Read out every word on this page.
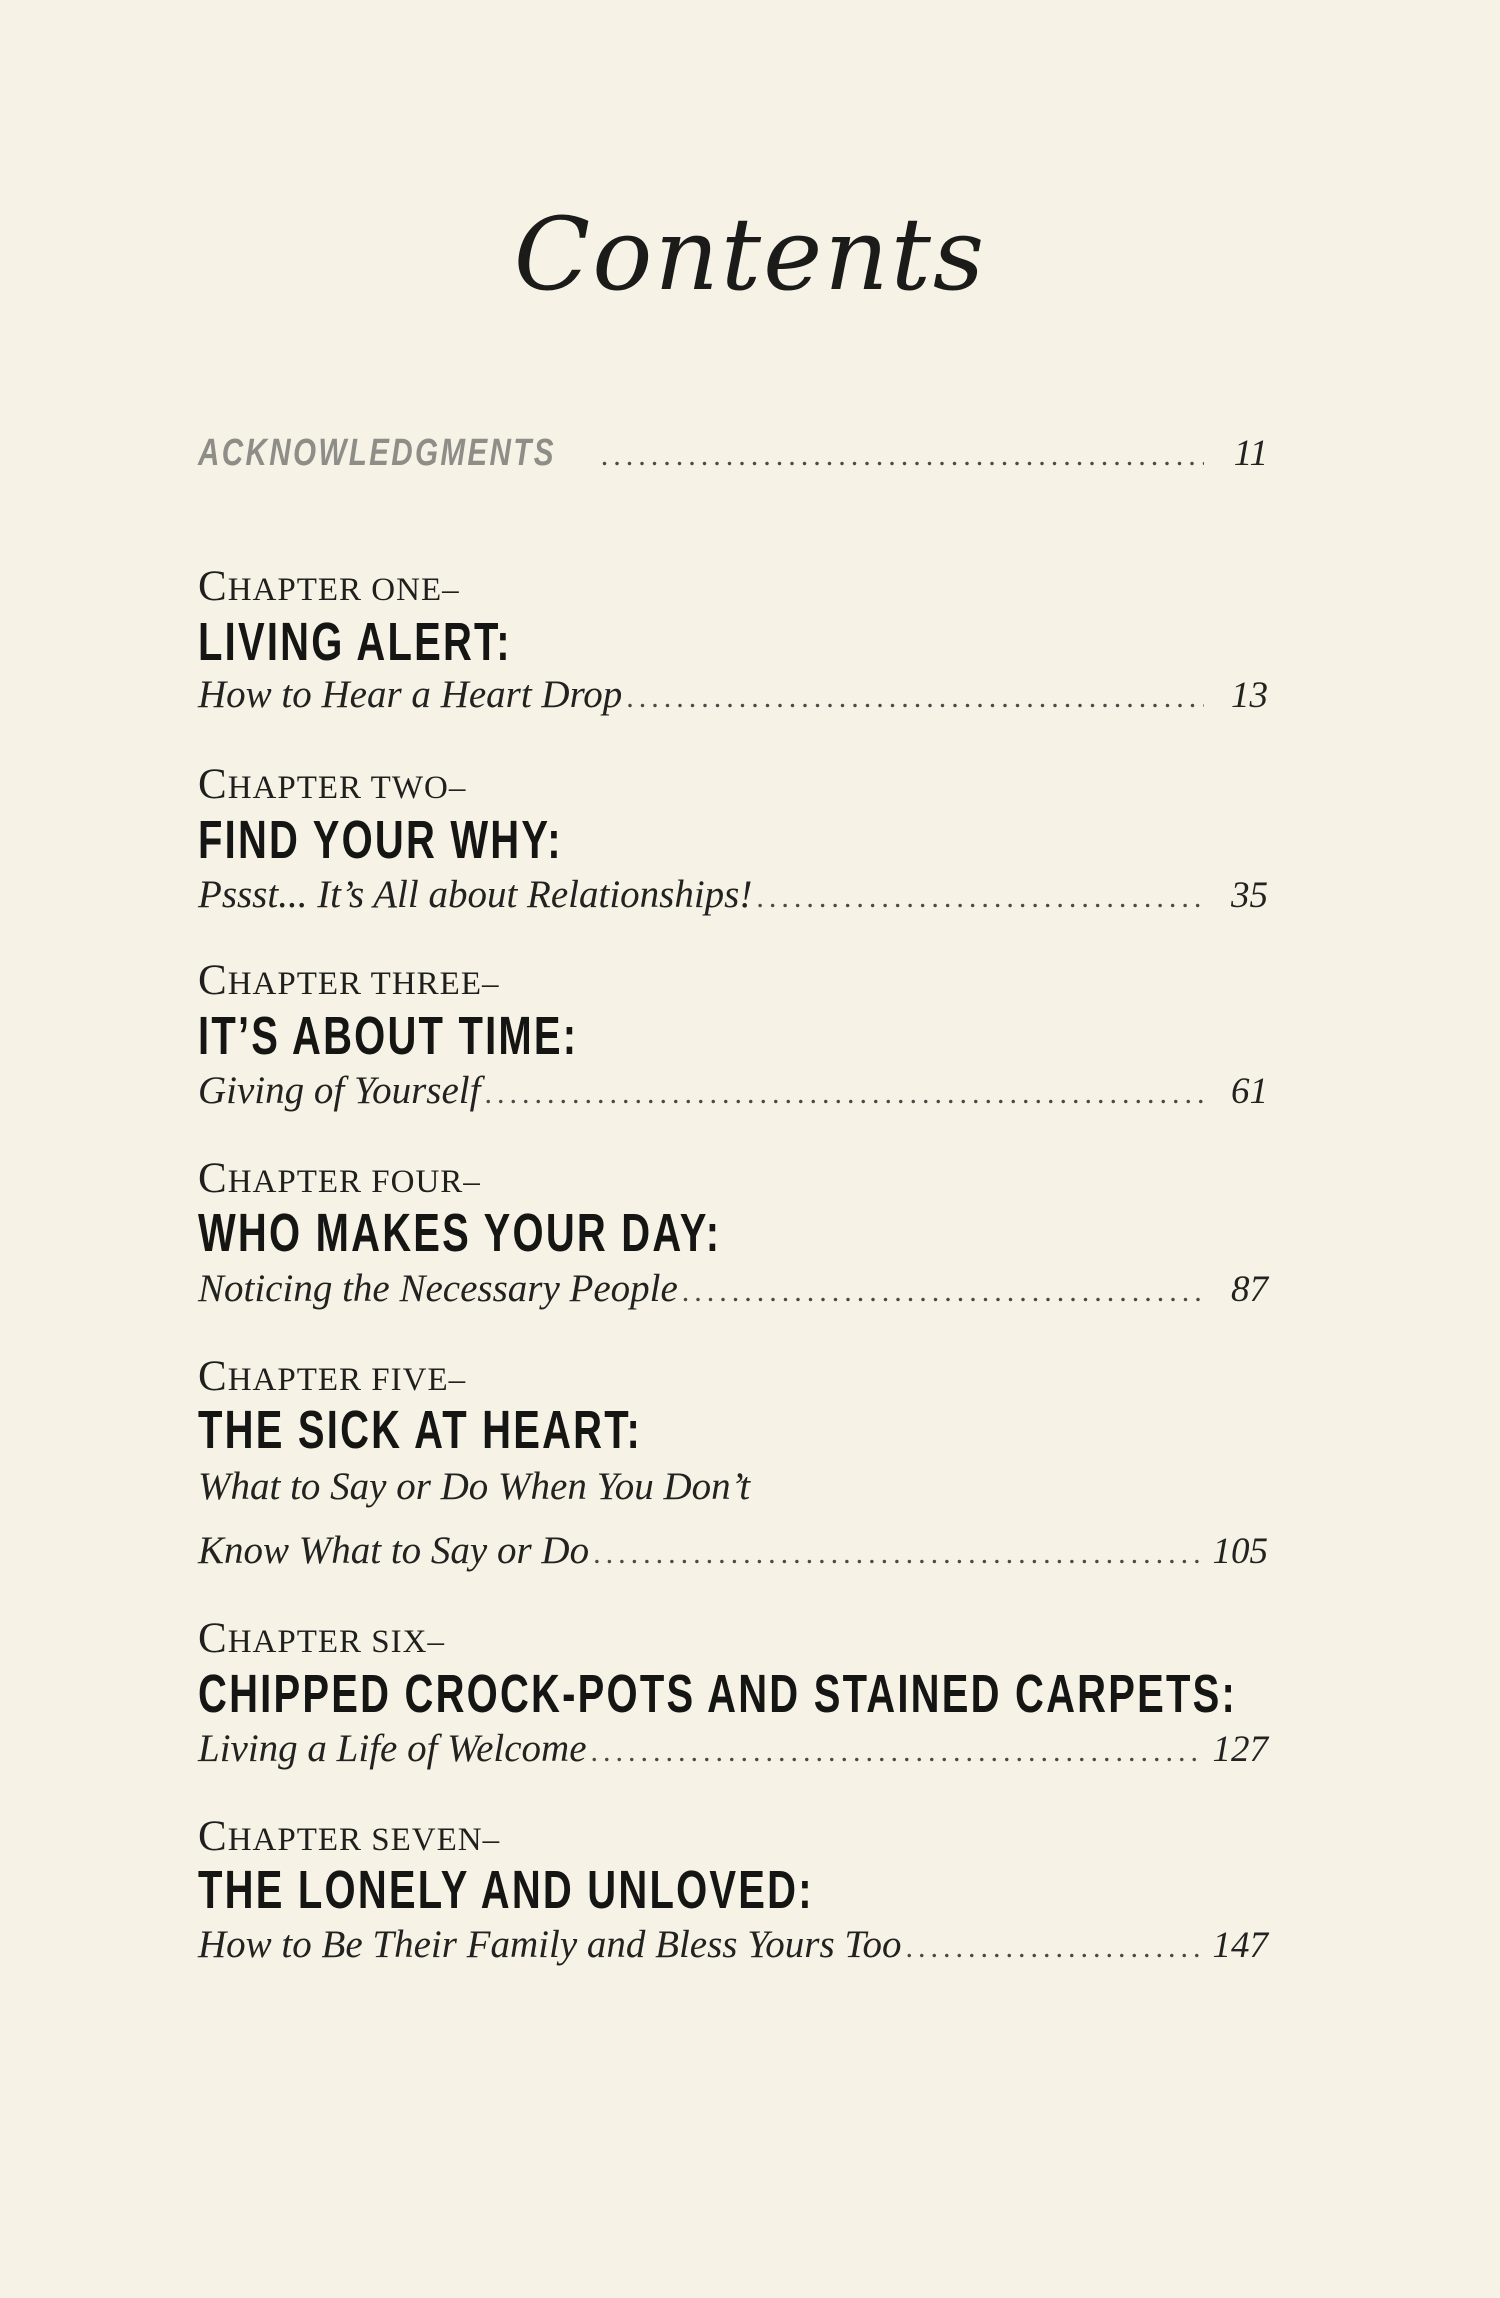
Contents
ACKNOWLEDGMENTS .....	11
CHAPTER ONE–
LIVING ALERT:
How to Hear a Heart Drop .....	13
CHAPTER TWO–
FIND YOUR WHY:
Pssst... It’s All about Relationships! .....	35
CHAPTER THREE–
IT’S ABOUT TIME:
Giving of Yourself .....	61
CHAPTER FOUR–
WHO MAKES YOUR DAY:
Noticing the Necessary People .....	87
CHAPTER FIVE–
THE SICK AT HEART:
What to Say or Do When You Don’t
Know What to Say or Do .....	105
CHAPTER SIX–
CHIPPED CROCK-POTS AND STAINED CARPETS:
Living a Life of Welcome .....	127
CHAPTER SEVEN–
THE LONELY AND UNLOVED:
How to Be Their Family and Bless Yours Too .....	147
